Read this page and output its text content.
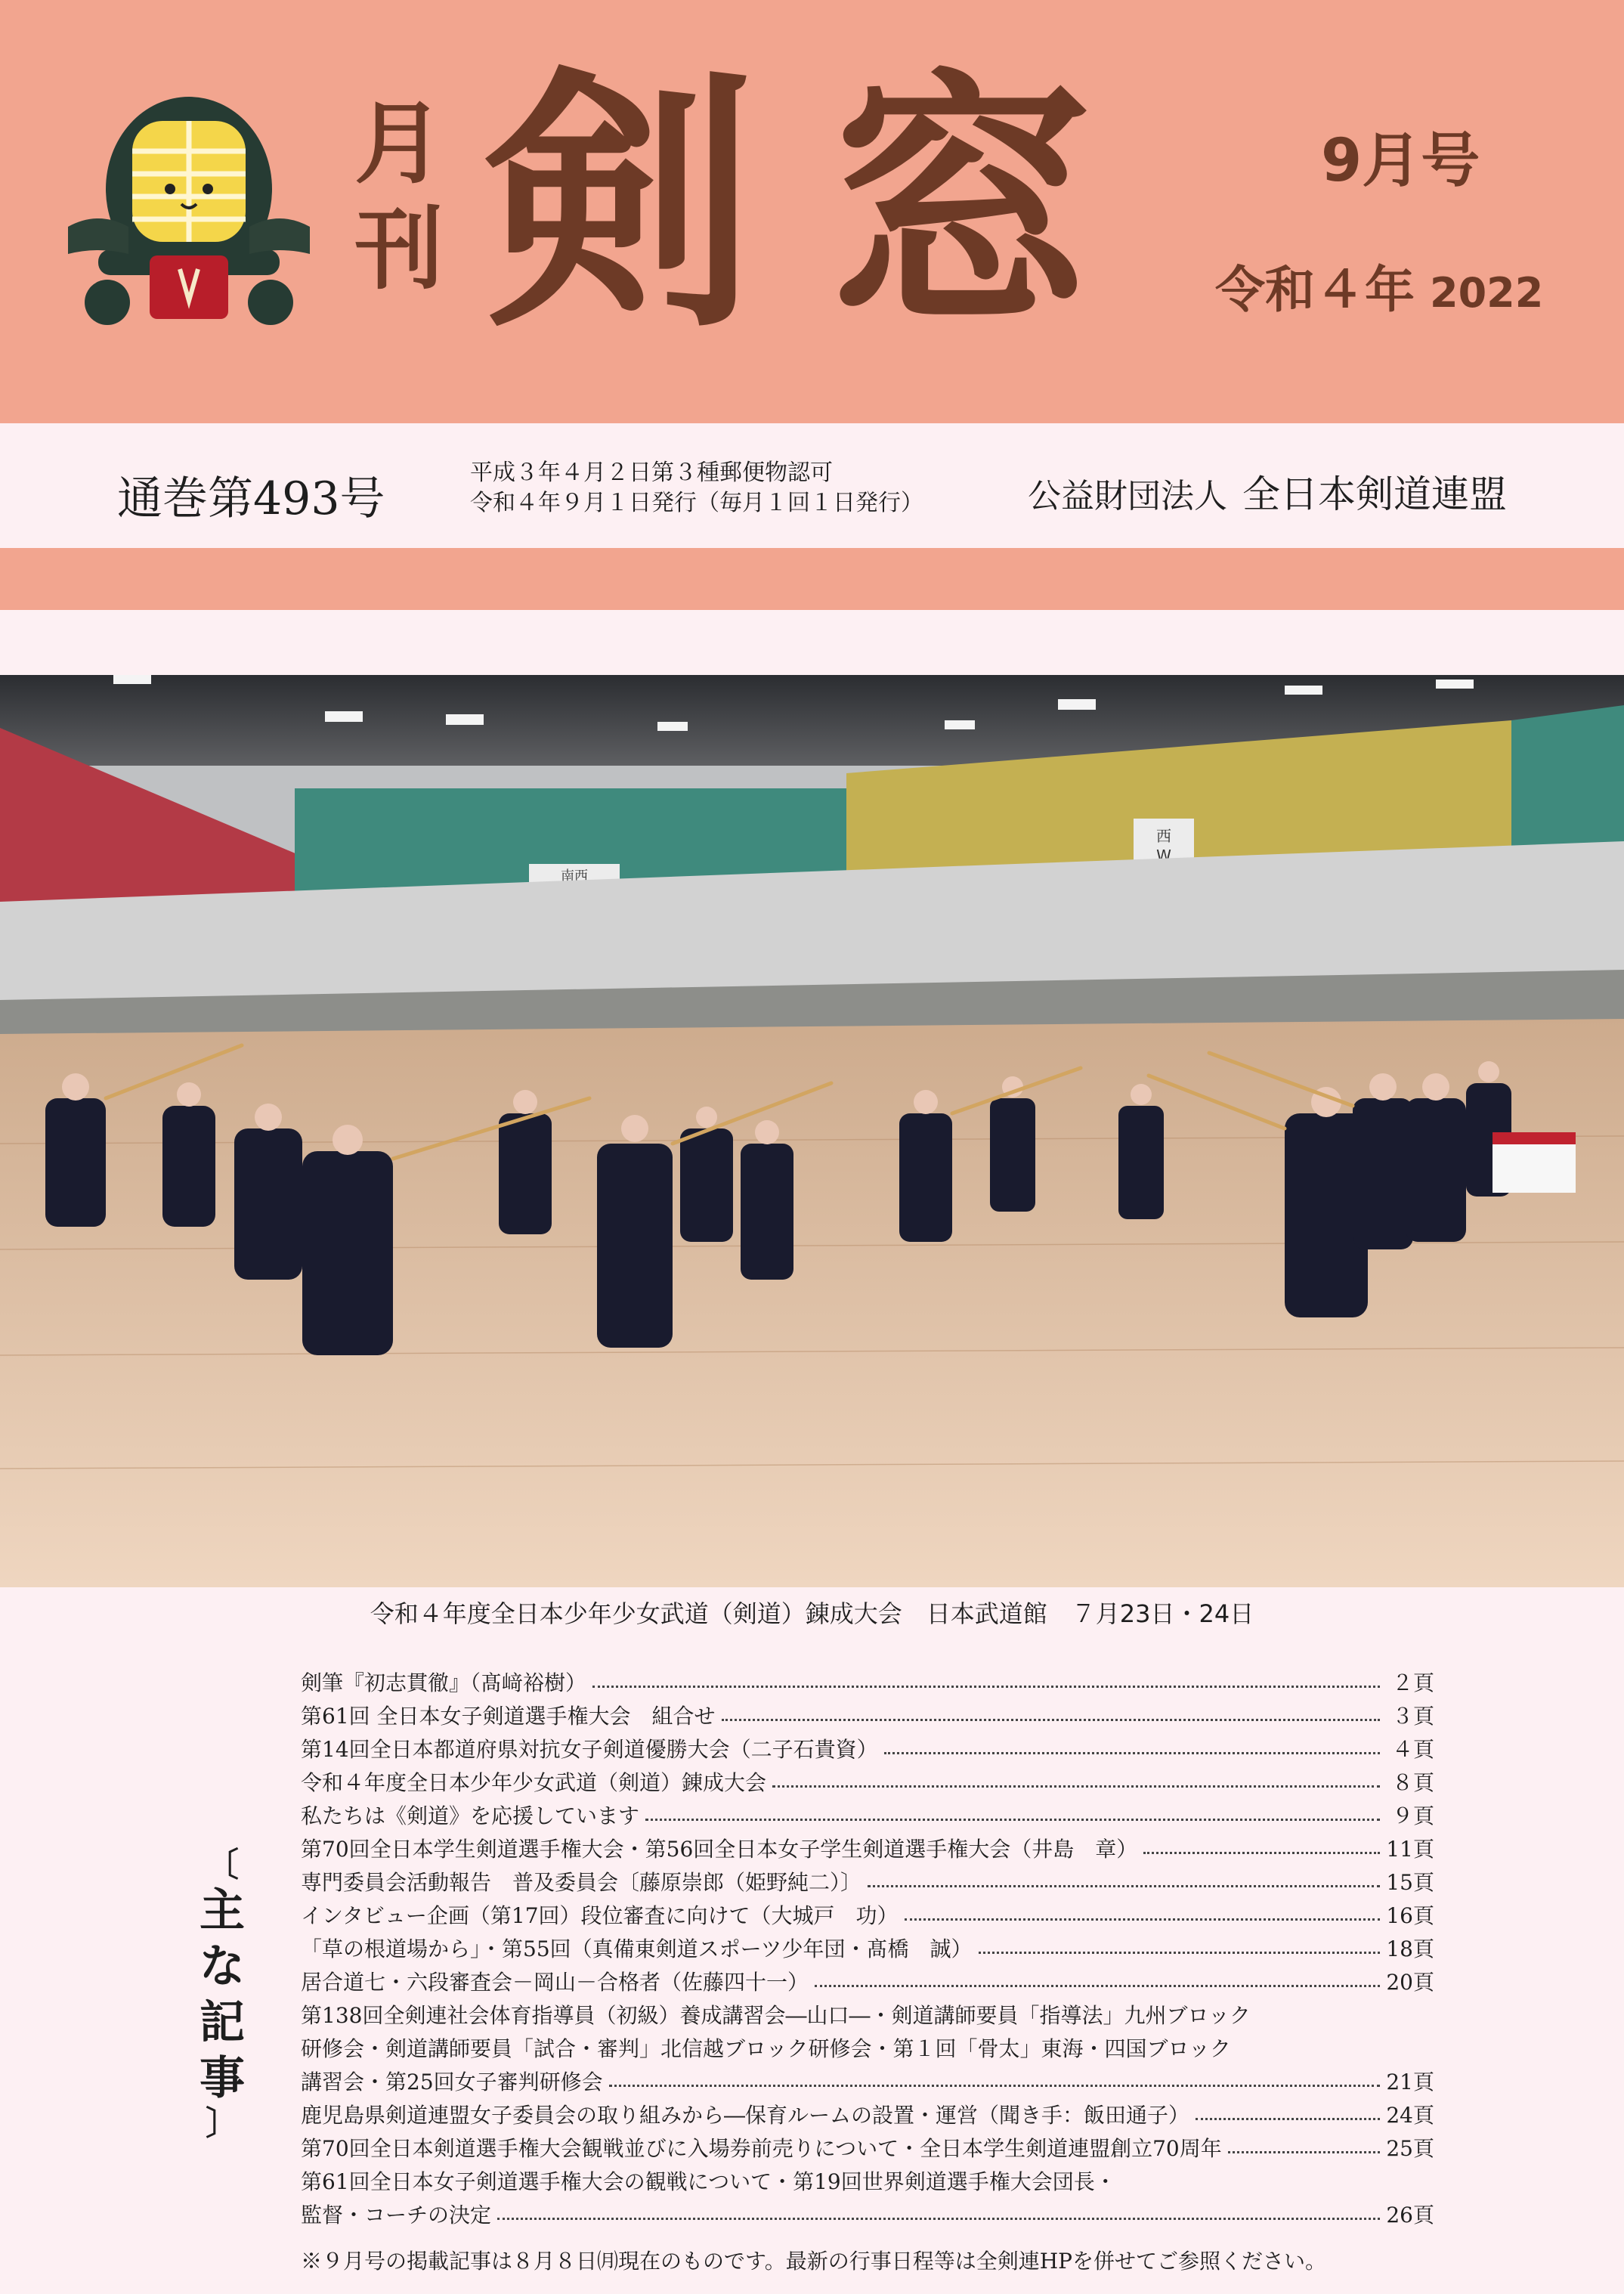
月
刊 剣 窓	9月号
令和４年 2022
通巻第493号	平成３年４月２日第３種郵便物認可
令和４年９月１日発行（毎月１回１日発行）	公益財団法人 全日本剣道連盟
南西
西
W
令和４年度全日本少年少女武道（剣道）錬成大会　日本武道館　７月23日・24日
〔
主
な
記
事
〕
剣筆『初志貫徹』（髙﨑裕樹）	２頁
第61回 全日本女子剣道選手権大会　組合せ	３頁
第14回全日本都道府県対抗女子剣道優勝大会（二子石貴資）	４頁
令和４年度全日本少年少女武道（剣道）錬成大会	８頁
私たちは《剣道》を応援しています	９頁
第70回全日本学生剣道選手権大会・第56回全日本女子学生剣道選手権大会（井島　章）	11頁
専門委員会活動報告　普及委員会〔藤原崇郎（姫野純二）〕	15頁
インタビュー企画（第17回）段位審査に向けて（大城戸　功）	16頁
「草の根道場から」・第55回（真備東剣道スポーツ少年団・髙橋　誠）	18頁
居合道七・六段審査会－岡山－合格者（佐藤四十一）	20頁
第138回全剣連社会体育指導員（初級）養成講習会―山口―・剣道講師要員「指導法」九州ブロック
研修会・剣道講師要員「試合・審判」北信越ブロック研修会・第１回「骨太」東海・四国ブロック
講習会・第25回女子審判研修会	21頁
鹿児島県剣道連盟女子委員会の取り組みから―保育ルームの設置・運営（聞き手：飯田通子）	24頁
第70回全日本剣道選手権大会観戦並びに入場券前売りについて・全日本学生剣道連盟創立70周年	25頁
第61回全日本女子剣道選手権大会の観戦について・第19回世界剣道選手権大会団長・
監督・コーチの決定	26頁
※９月号の掲載記事は８月８日㈪現在のものです。最新の行事日程等は全剣連HPを併せてご参照ください。
